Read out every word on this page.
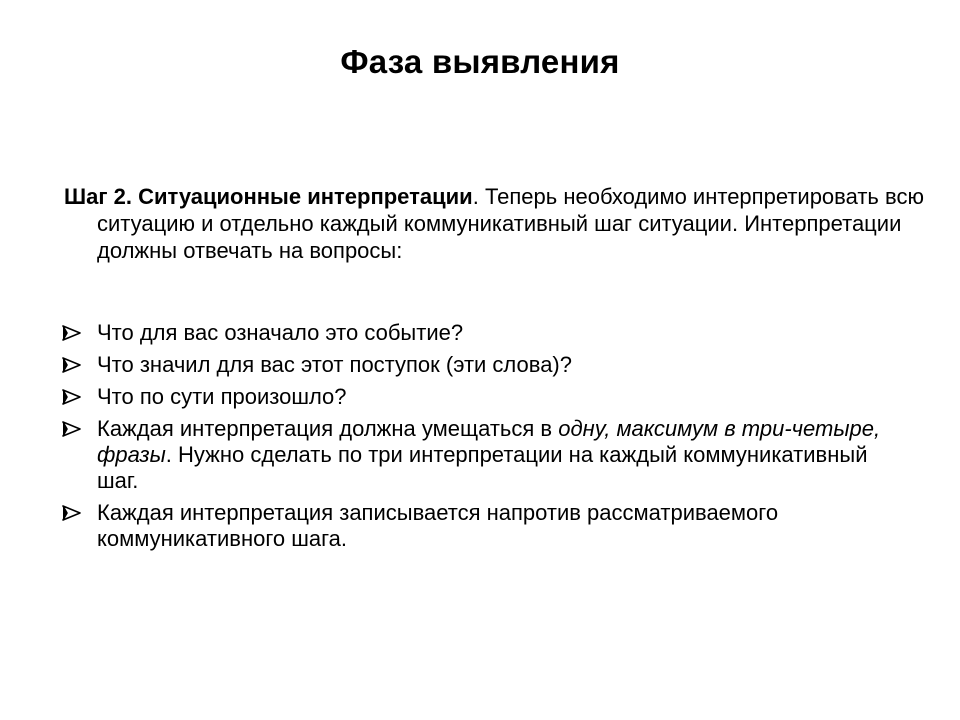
Фаза выявления
Шаг 2. Ситуационные интерпретации. Теперь необходимо интерпретировать всю ситуацию и отдельно каждый коммуникативный шаг ситуации. Интерпретации должны отвечать на вопросы:
Что для вас означало это событие?
Что значил для вас этот поступок (эти слова)?
Что по сути произошло?
Каждая интерпретация должна умещаться в одну, максимум в три-четыре, фразы. Нужно сделать по три интерпретации на каждый коммуникативный шаг.
Каждая интерпретация записывается напротив рассматриваемого коммуникативного шага.
